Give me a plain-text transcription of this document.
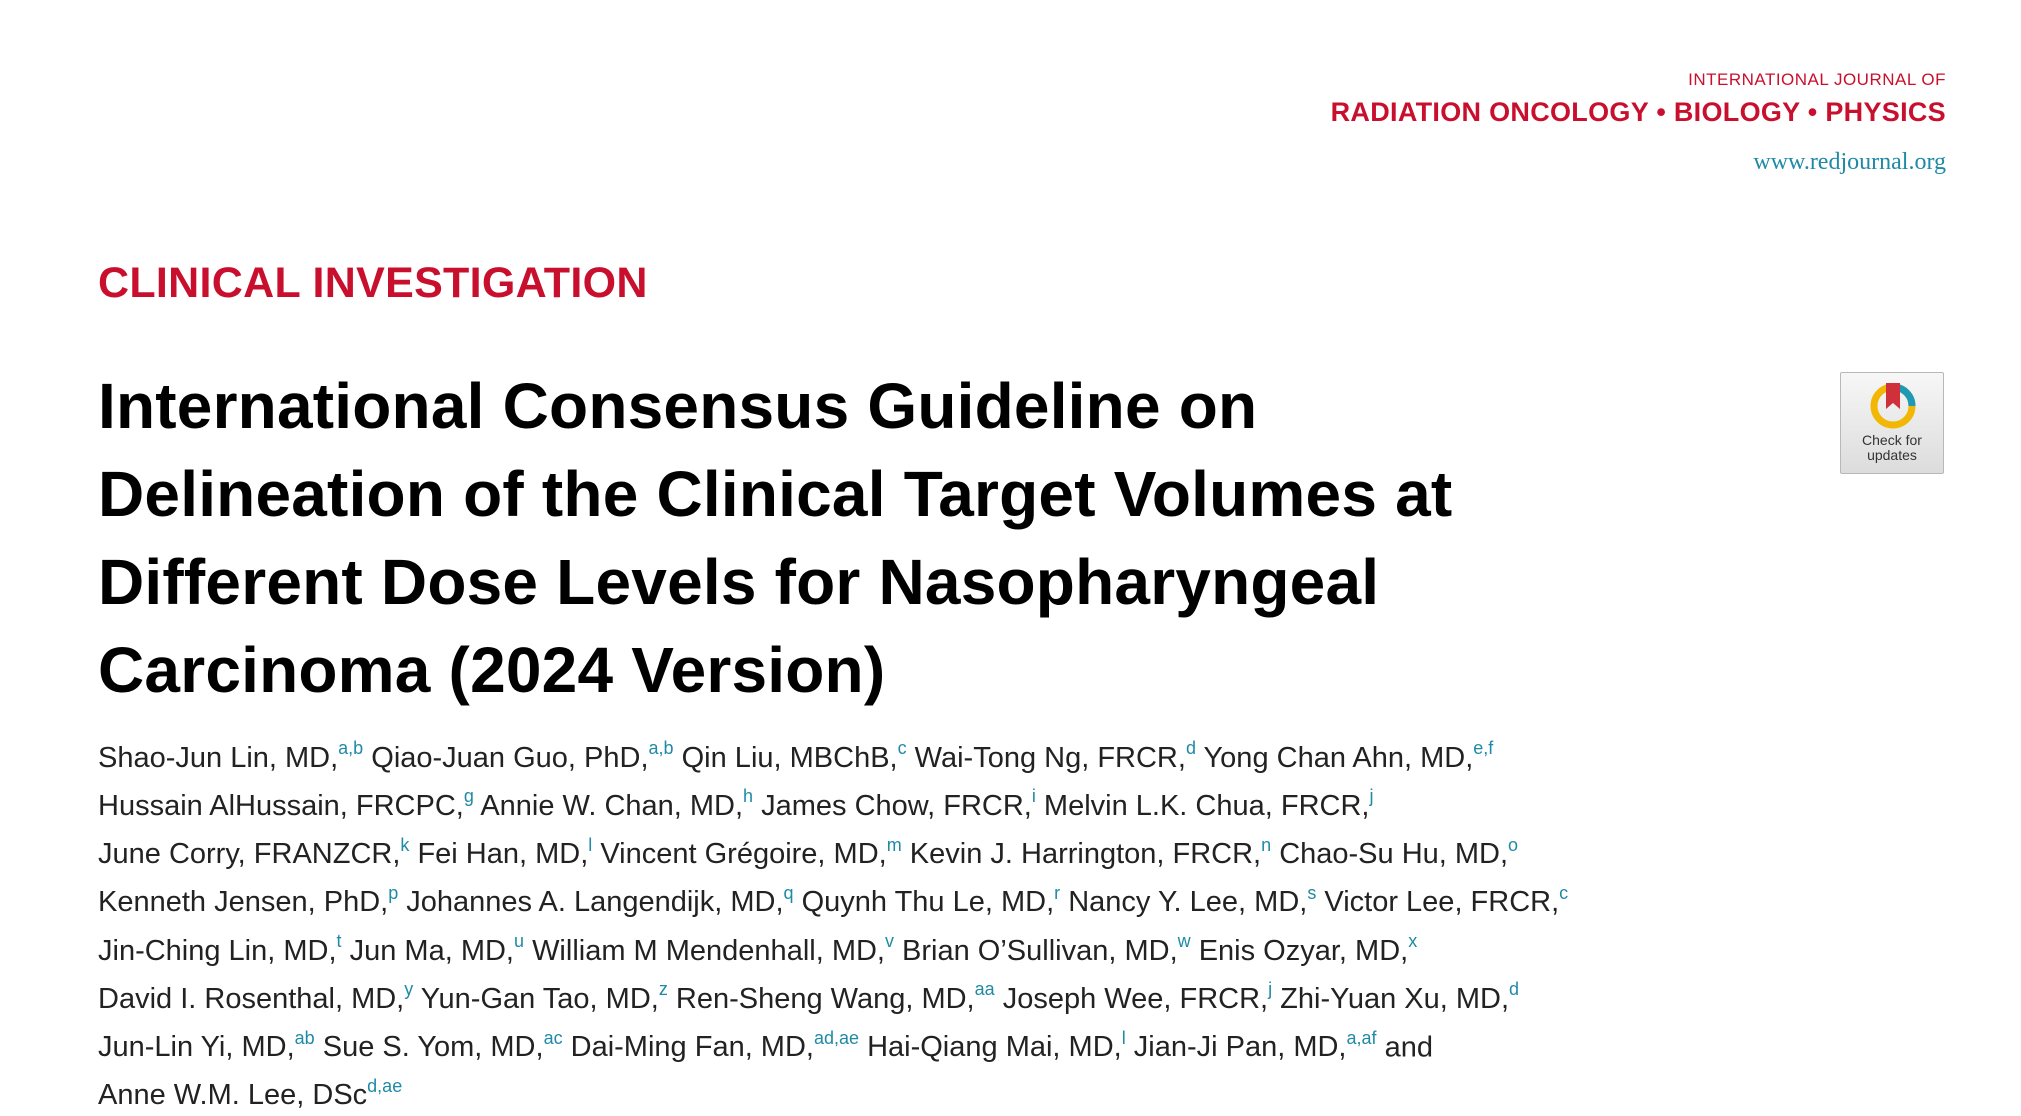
INTERNATIONAL JOURNAL OF
RADIATION ONCOLOGY • BIOLOGY • PHYSICS
www.redjournal.org
CLINICAL INVESTIGATION
International Consensus Guideline on
Delineation of the Clinical Target Volumes at
Different Dose Levels for Nasopharyngeal
Carcinoma (2024 Version)
Check for
updates

Shao-Jun Lin, MD,$^{a,b}$ Qiao-Juan Guo, PhD,$^{a,b}$ Qin Liu, MBChB,$^c$ Wai-Tong Ng, FRCR,$^d$ Yong Chan Ahn, MD,$^{e,f}$
Hussain AlHussain, FRCPC,$^g$ Annie W. Chan, MD,$^h$ James Chow, FRCR,$^i$ Melvin L.K. Chua, FRCR,$^j$
June Corry, FRANZCR,$^k$ Fei Han, MD,$^l$ Vincent Grégoire, MD,$^m$ Kevin J. Harrington, FRCR,$^n$ Chao-Su Hu, MD,$^o$
Kenneth Jensen, PhD,$^p$ Johannes A. Langendijk, MD,$^q$ Quynh Thu Le, MD,$^r$ Nancy Y. Lee, MD,$^s$ Victor Lee, FRCR,$^c$
Jin-Ching Lin, MD,$^t$ Jun Ma, MD,$^u$ William M Mendenhall, MD,$^v$ Brian O’Sullivan, MD,$^w$ Enis Ozyar, MD,$^x$
David I. Rosenthal, MD,$^y$ Yun-Gan Tao, MD,$^z$ Ren-Sheng Wang, MD,$^{aa}$ Joseph Wee, FRCR,$^j$ Zhi-Yuan Xu, MD,$^d$
Jun-Lin Yi, MD,$^{ab}$ Sue S. Yom, MD,$^{ac}$ Dai-Ming Fan, MD,$^{ad,ae}$ Hai-Qiang Mai, MD,$^l$ Jian-Ji Pan, MD,$^{a,af}$ and
Anne W.M. Lee, DSc$^{d,ae}$
